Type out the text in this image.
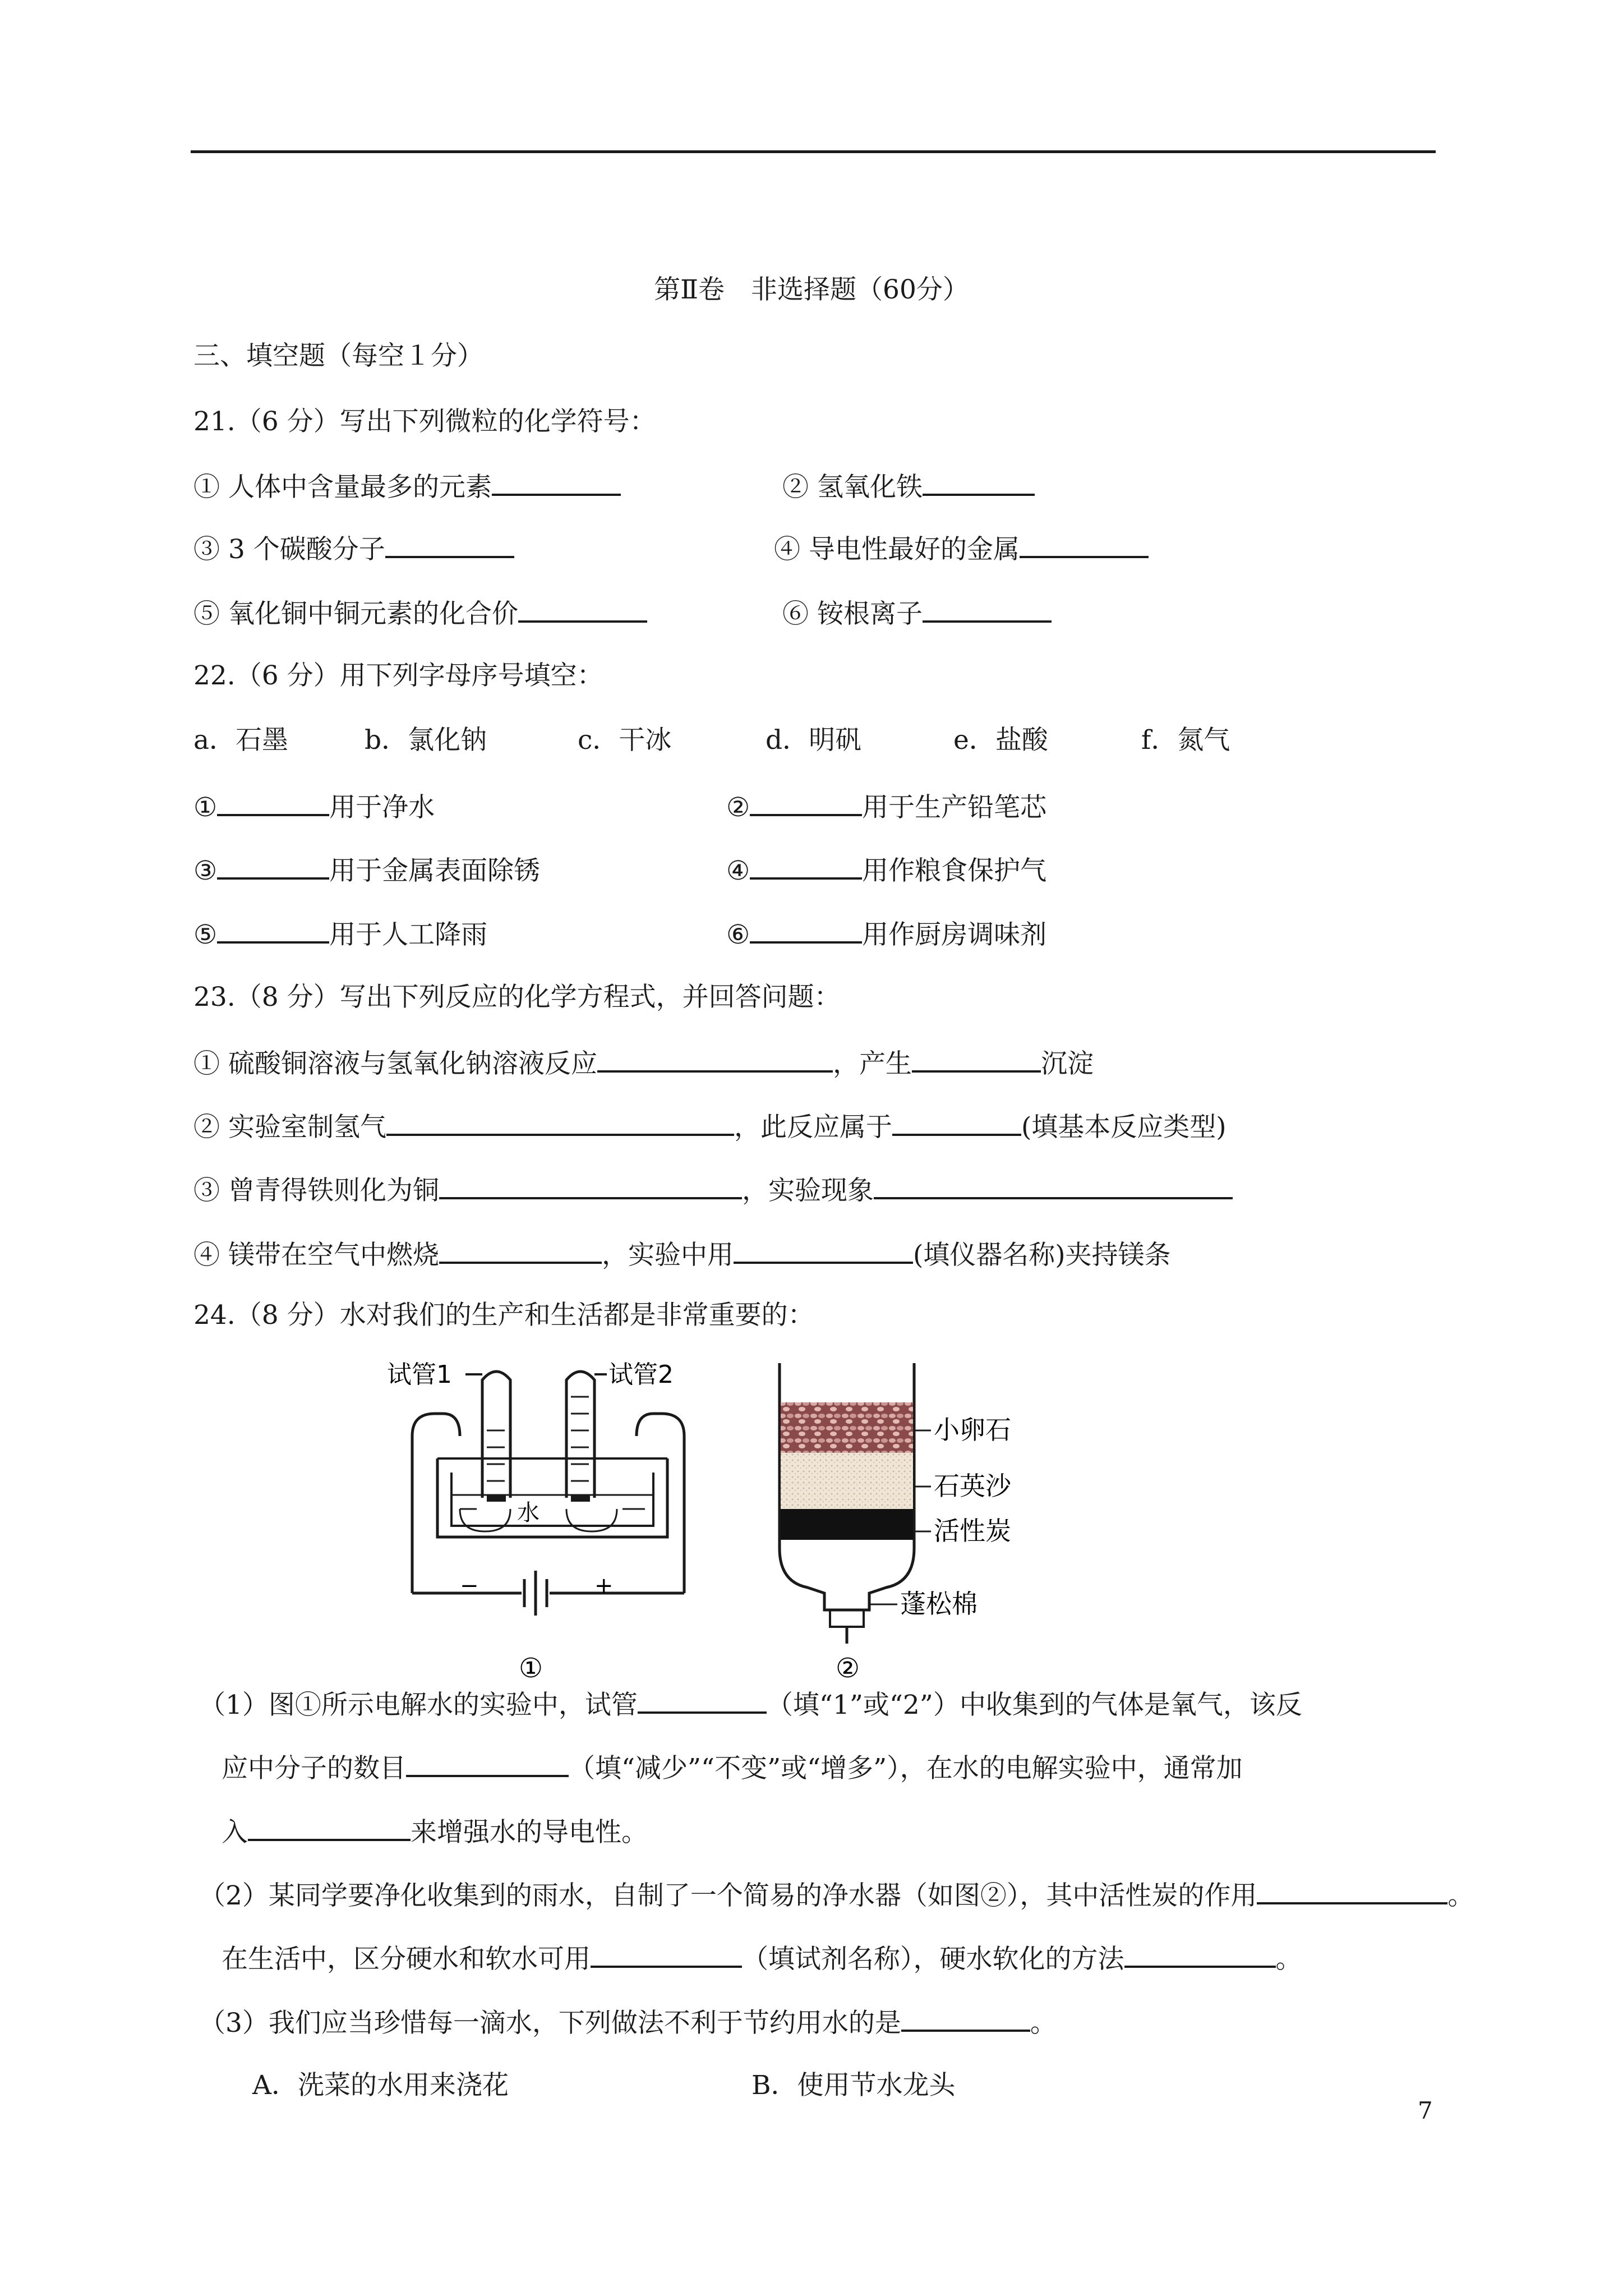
第Ⅱ卷　非选择题（60分）
三、填空题（每空１分）
21.（6 分）写出下列微粒的化学符号：
① 人体中含量最多的元素	② 氢氧化铁
③ 3 个碳酸分子	④ 导电性最好的金属
⑤ 氧化铜中铜元素的化合价	⑥ 铵根离子
22.（6 分）用下列字母序号填空：
a．石墨	b．氯化钠	c．干冰	d．明矾	e．盐酸	f．氮气
①	用于净水	②	用于生产铅笔芯
③	用于金属表面除锈	④	用作粮食保护气
⑤	用于人工降雨	⑥	用作厨房调味剂
23.（8 分）写出下列反应的化学方程式，并回答问题：
① 硫酸铜溶液与氢氧化钠溶液反应	，产生	沉淀
② 实验室制氢气	，此反应属于	(填基本反应类型)
③ 曾青得铁则化为铜	，实验现象
④ 镁带在空气中燃烧	，实验中用	(填仪器名称)夹持镁条
24.（8 分）水对我们的生产和生活都是非常重要的：
试管1	试管2
水
−	+
①
小卵石
石英沙
活性炭
蓬松棉
②
（1）图①所示电解水的实验中，试管	（填“1”或“2”）中收集到的气体是氧气，该反
应中分子的数目	（填“减少”“不变”或“增多”），在水的电解实验中，通常加
入	来增强水的导电性。
（2）某同学要净化收集到的雨水，自制了一个简易的净水器（如图②），其中活性炭的作用	。
在生活中，区分硬水和软水可用	（填试剂名称），硬水软化的方法	。
（3）我们应当珍惜每一滴水，下列做法不利于节约用水的是	。
A．洗菜的水用来浇花	B．使用节水龙头
7
